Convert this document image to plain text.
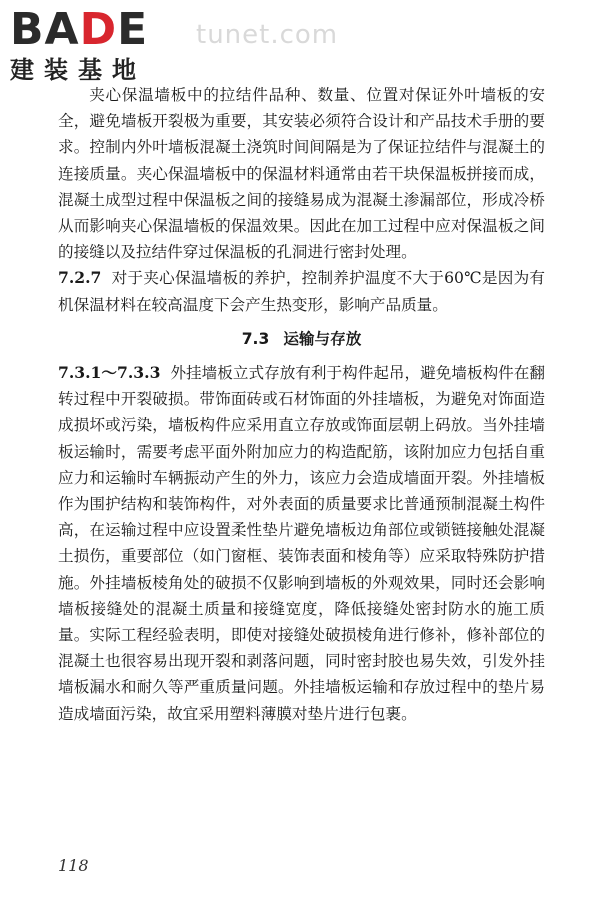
BADE
建装基地
tunet.com

夹心保温墙板中的拉结件品种、数量、位置对保证外叶墙板的安全，避免墙板开裂极为重要，其安装必须符合设计和产品技术手册的要求。控制内外叶墙板混凝土浇筑时间间隔是为了保证拉结件与混凝土的连接质量。夹心保温墙板中的保温材料通常由若干块保温板拼接而成，混凝土成型过程中保温板之间的接缝易成为混凝土渗漏部位，形成冷桥从而影响夹心保温墙板的保温效果。因此在加工过程中应对保温板之间的接缝以及拉结件穿过保温板的孔洞进行密封处理。

7.2.7 对于夹心保温墙板的养护，控制养护温度不大于60℃是因为有机保温材料在较高温度下会产生热变形，影响产品质量。

7.3 运输与存放

7.3.1～7.3.3 外挂墙板立式存放有利于构件起吊，避免墙板构件在翻转过程中开裂破损。带饰面砖或石材饰面的外挂墙板，为避免对饰面造成损坏或污染，墙板构件应采用直立存放或饰面层朝上码放。当外挂墙板运输时，需要考虑平面外附加应力的构造配筋，该附加应力包括自重应力和运输时车辆振动产生的外力，该应力会造成墙面开裂。外挂墙板作为围护结构和装饰构件，对外表面的质量要求比普通预制混凝土构件高，在运输过程中应设置柔性垫片避免墙板边角部位或锁链接触处混凝土损伤，重要部位（如门窗框、装饰表面和棱角等）应采取特殊防护措施。外挂墙板棱角处的破损不仅影响到墙板的外观效果，同时还会影响墙板接缝处的混凝土质量和接缝宽度，降低接缝处密封防水的施工质量。实际工程经验表明，即使对接缝处破损棱角进行修补，修补部位的混凝土也很容易出现开裂和剥落问题，同时密封胶也易失效，引发外挂墙板漏水和耐久等严重质量问题。外挂墙板运输和存放过程中的垫片易造成墙面污染，故宜采用塑料薄膜对垫片进行包裹。

118
